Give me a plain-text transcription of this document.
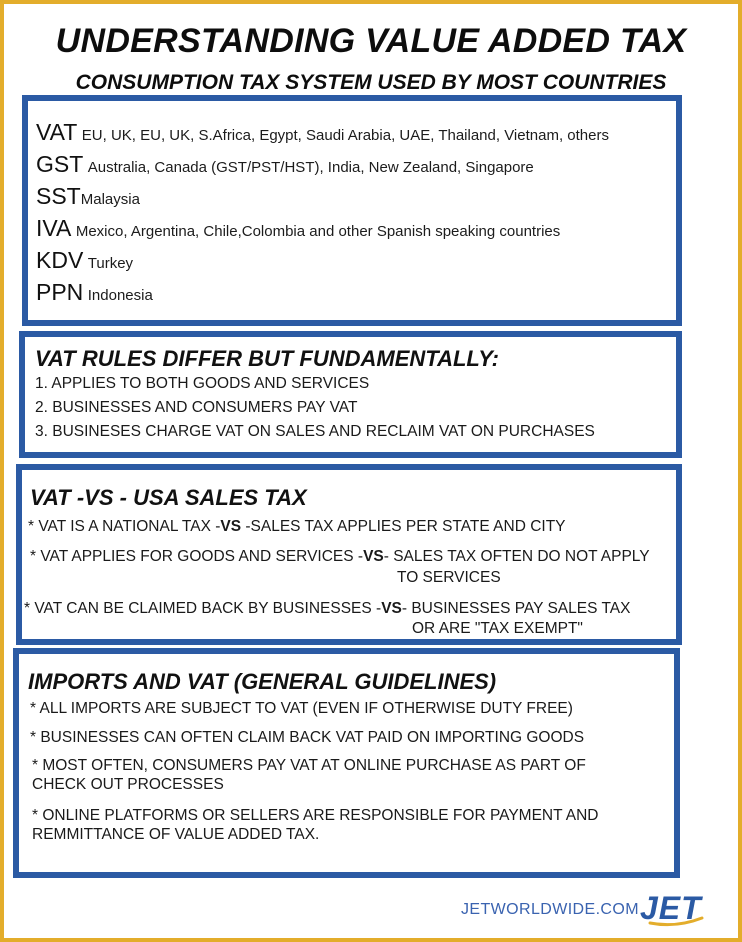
UNDERSTANDING VALUE ADDED TAX
CONSUMPTION TAX SYSTEM USED BY MOST COUNTRIES
VAT EU, UK, EU, UK, S.Africa, Egypt, Saudi Arabia, UAE, Thailand, Vietnam, others
GST Australia, Canada (GST/PST/HST), India, New Zealand, Singapore
SSTMalaysia
IVA Mexico, Argentina, Chile,Colombia and other Spanish speaking countries
KDV Turkey
PPN Indonesia
VAT RULES DIFFER BUT FUNDAMENTALLY:
1. APPLIES TO BOTH GOODS AND SERVICES
2. BUSINESSES AND CONSUMERS PAY VAT
3. BUSINESES CHARGE VAT ON SALES AND RECLAIM VAT ON PURCHASES
VAT -VS - USA SALES TAX
* VAT IS A NATIONAL TAX -VS -SALES TAX APPLIES PER STATE AND CITY
* VAT APPLIES FOR GOODS AND SERVICES -VS- SALES TAX OFTEN DO NOT APPLY
TO SERVICES
* VAT CAN BE CLAIMED BACK BY BUSINESSES -VS- BUSINESSES PAY SALES TAX
OR ARE "TAX EXEMPT"
IMPORTS AND VAT (GENERAL GUIDELINES)
* ALL IMPORTS ARE SUBJECT TO VAT (EVEN IF OTHERWISE DUTY FREE)
* BUSINESSES CAN OFTEN CLAIM BACK VAT PAID ON IMPORTING GOODS
* MOST OFTEN, CONSUMERS PAY VAT AT ONLINE PURCHASE AS PART OF
CHECK OUT PROCESSES
* ONLINE PLATFORMS OR SELLERS ARE RESPONSIBLE FOR PAYMENT AND
REMMITTANCE OF VALUE ADDED TAX.
JETWORLDWIDE.COM JET
